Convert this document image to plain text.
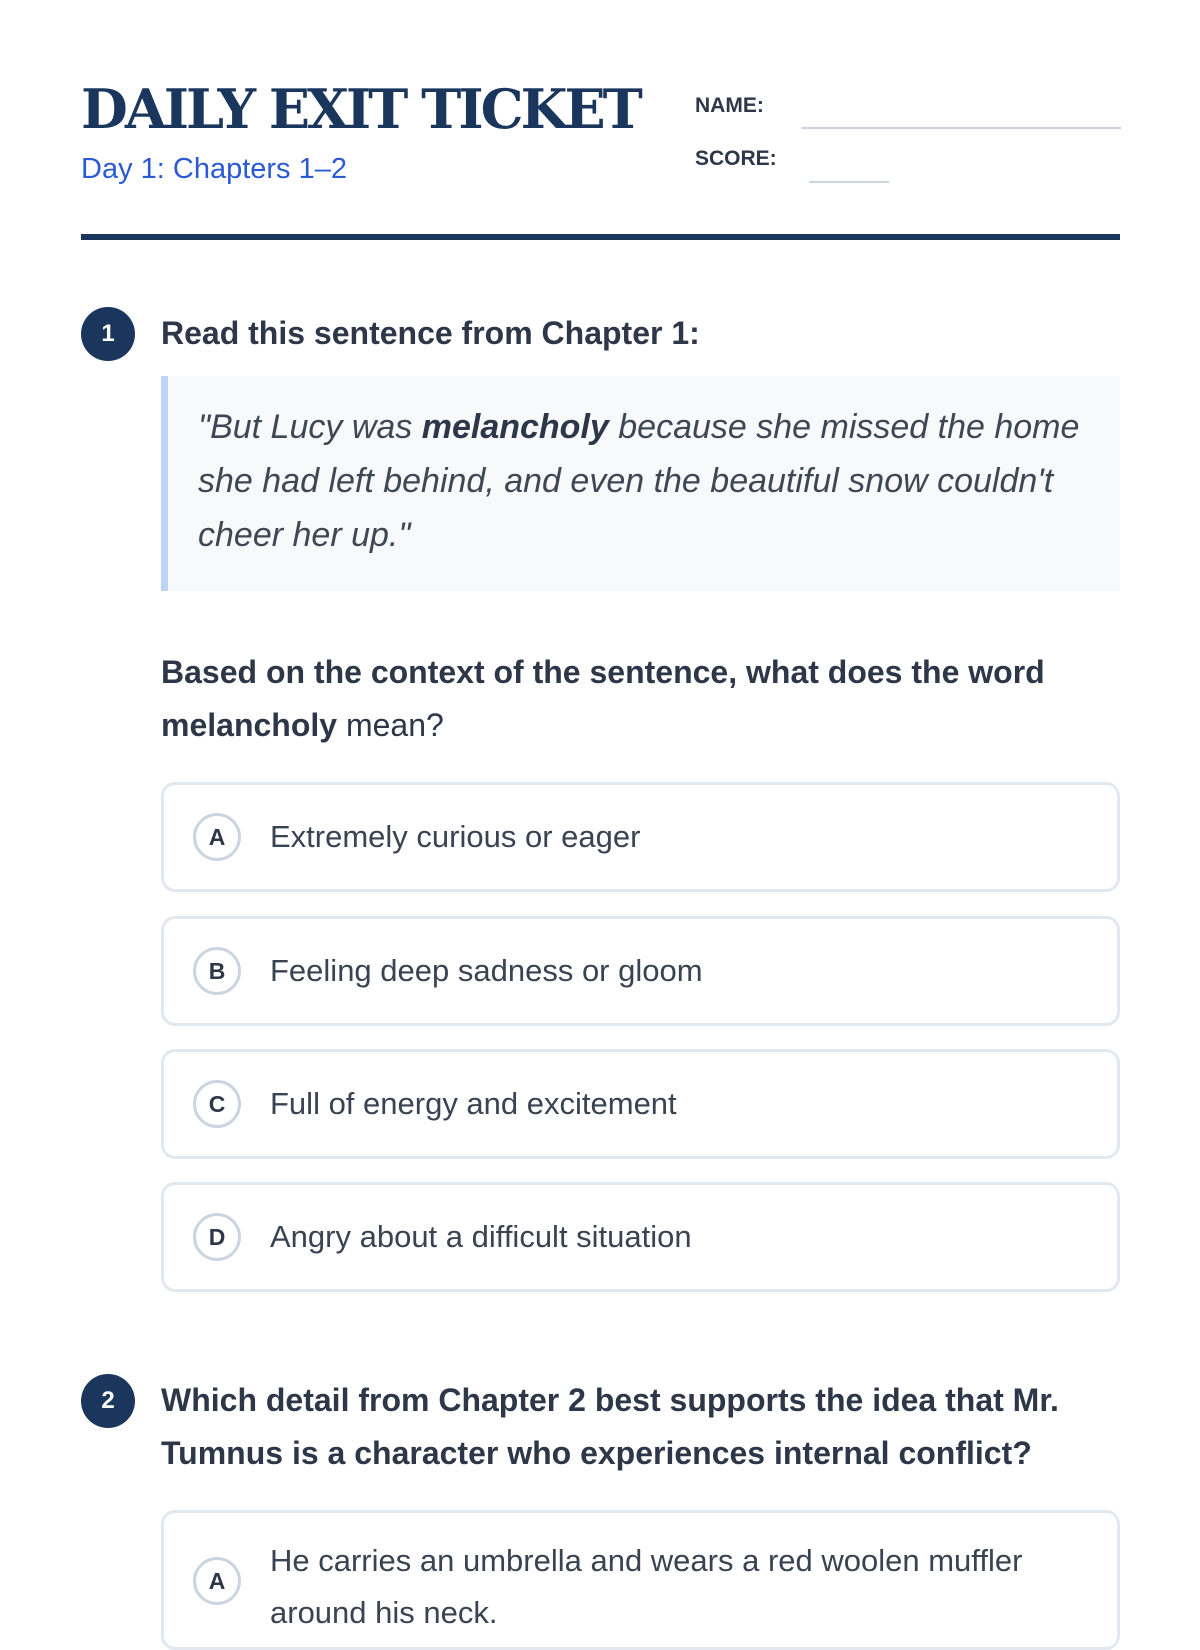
DAILY EXIT TICKET
Day 1: Chapters 1–2
NAME:
SCORE:
1	Read this sentence from Chapter 1:
"But Lucy was melancholy because she missed the home she had left behind, and even the beautiful snow couldn't cheer her up."
Based on the context of the sentence, what does the word melancholy mean?
A	Extremely curious or eager
B	Feeling deep sadness or gloom
C	Full of energy and excitement
D	Angry about a difficult situation
2	Which detail from Chapter 2 best supports the idea that Mr. Tumnus is a character who experiences internal conflict?
A
He carries an umbrella and wears a red woolen muffler around his neck.
